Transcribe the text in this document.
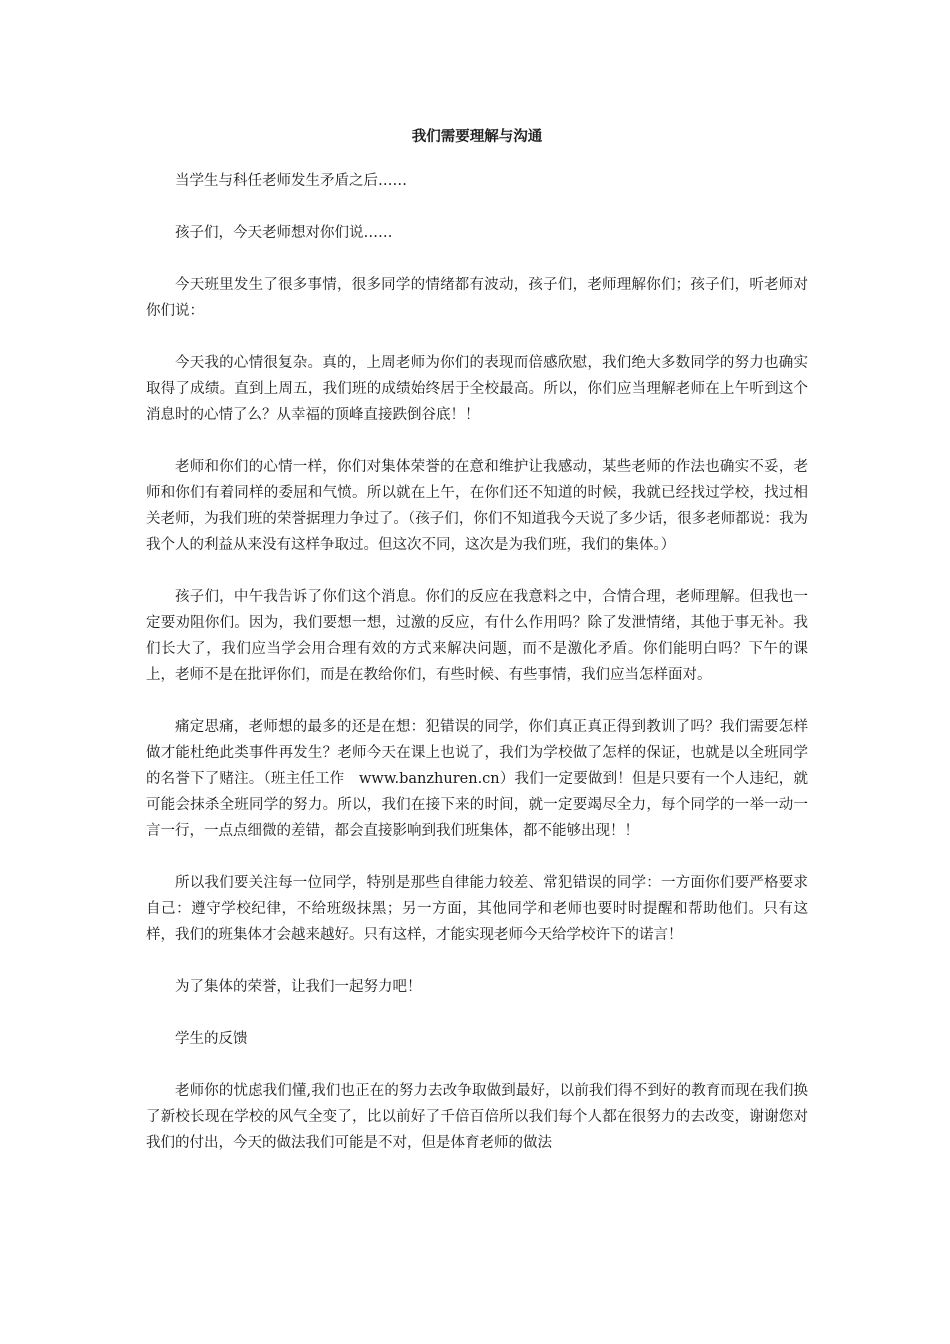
我们需要理解与沟通

当学生与科任老师发生矛盾之后……

孩子们，今天老师想对你们说……

今天班里发生了很多事情，很多同学的情绪都有波动，孩子们，老师理解你们；孩子们，听老师对你们说：

今天我的心情很复杂。真的，上周老师为你们的表现而倍感欣慰，我们绝大多数同学的努力也确实取得了成绩。直到上周五，我们班的成绩始终居于全校最高。所以，你们应当理解老师在上午听到这个消息时的心情了么？从幸福的顶峰直接跌倒谷底！！

老师和你们的心情一样，你们对集体荣誉的在意和维护让我感动，某些老师的作法也确实不妥，老师和你们有着同样的委屈和气愤。所以就在上午，在你们还不知道的时候，我就已经找过学校，找过相关老师，为我们班的荣誉据理力争过了。（孩子们，你们不知道我今天说了多少话，很多老师都说：我为我个人的利益从来没有这样争取过。但这次不同，这次是为我们班，我们的集体。）

孩子们，中午我告诉了你们这个消息。你们的反应在我意料之中，合情合理，老师理解。但我也一定要劝阻你们。因为，我们要想一想，过激的反应，有什么作用吗？除了发泄情绪，其他于事无补。我们长大了，我们应当学会用合理有效的方式来解决问题，而不是激化矛盾。你们能明白吗？下午的课上，老师不是在批评你们，而是在教给你们，有些时候、有些事情，我们应当怎样面对。

痛定思痛，老师想的最多的还是在想：犯错误的同学，你们真正真正得到教训了吗？我们需要怎样做才能杜绝此类事件再发生？老师今天在课上也说了，我们为学校做了怎样的保证，也就是以全班同学的名誉下了赌注。（班主任工作　www.banzhuren.cn）我们一定要做到！但是只要有一个人违纪，就可能会抹杀全班同学的努力。所以，我们在接下来的时间，就一定要竭尽全力，每个同学的一举一动一言一行，一点点细微的差错，都会直接影响到我们班集体，都不能够出现！！

所以我们要关注每一位同学，特别是那些自律能力较差、常犯错误的同学：一方面你们要严格要求自己：遵守学校纪律，不给班级抹黑；另一方面，其他同学和老师也要时时提醒和帮助他们。只有这样，我们的班集体才会越来越好。只有这样，才能实现老师今天给学校许下的诺言！

为了集体的荣誉，让我们一起努力吧！

学生的反馈

老师你的忧虑我们懂,我们也正在的努力去改争取做到最好，以前我们得不到好的教育而现在我们换了新校长现在学校的风气全变了，比以前好了千倍百倍所以我们每个人都在很努力的去改变，谢谢您对我们的付出，今天的做法我们可能是不对，但是体育老师的做法
